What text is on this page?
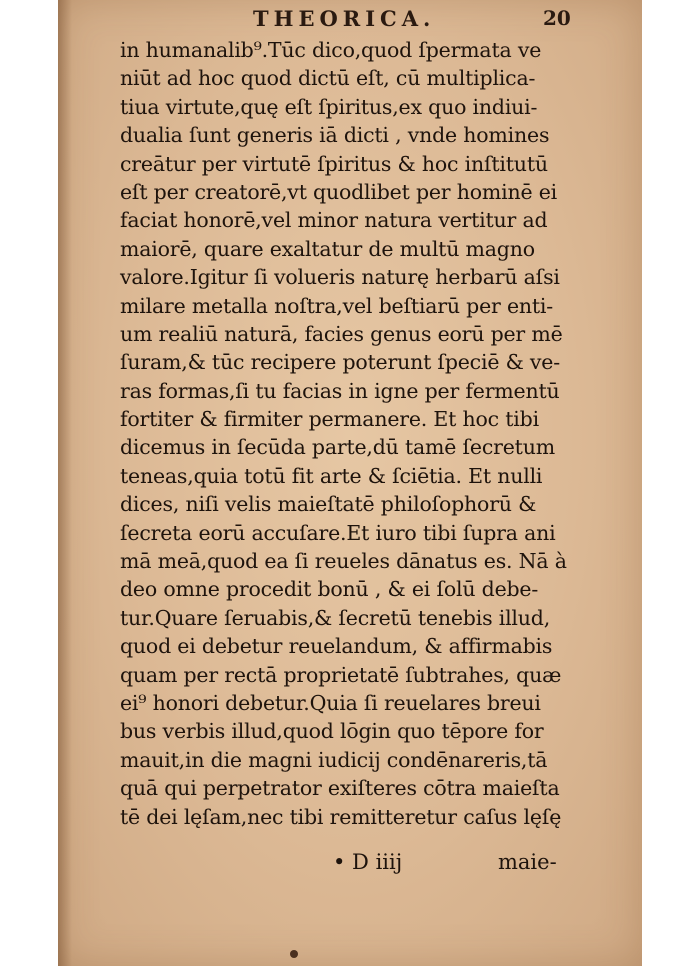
THEORICA.	20
in humanalib⁹.Tūc dico,quod ſpermata ve
niūt ad hoc quod dictū eſt, cū multiplica-
tiua virtute,quę eſt ſpiritus,ex quo indiui-
dualia ſunt generis iā dicti , vnde homines
creātur per virtutē ſpiritus & hoc inſtitutū
eſt per creatorē,vt quodlibet per hominē ei
faciat honorē,vel minor natura vertitur ad
maiorē, quare exaltatur de multū magno
valore.Igitur ſi volueris naturę herbarū aſsi
milare metalla noſtra,vel beſtiarū per enti-
um realiū naturā, facies genus eorū per mē
ſuram,& tūc recipere poterunt ſpeciē & ve-
ras formas,ſi tu facias in igne per fermentū
fortiter & firmiter permanere. Et hoc tibi
dicemus in ſecūda parte,dū tamē ſecretum
teneas,quia totū fit arte & ſciētia. Et nulli
dices, niſi velis maieſtatē philoſophorū &
ſecreta eorū accuſare.Et iuro tibi ſupra ani
mā meā,quod ea ſi reueles dānatus es. Nā à
deo omne procedit bonū , & ei ſolū debe-
tur.Quare ſeruabis,& ſecretū tenebis illud,
quod ei debetur reuelandum, & affirmabis
quam per rectā proprietatē ſubtrahes, quæ
ei⁹ honori debetur.Quia ſi reuelares breui
bus verbis illud,quod lōgin quo tēpore for
mauit,in die magni iudicij condēnareris,tā
quā qui perpetrator exiſteres cōtra maieſta
tē dei lęſam,nec tibi remitteretur caſus lęſę
• D iiij	maie-
